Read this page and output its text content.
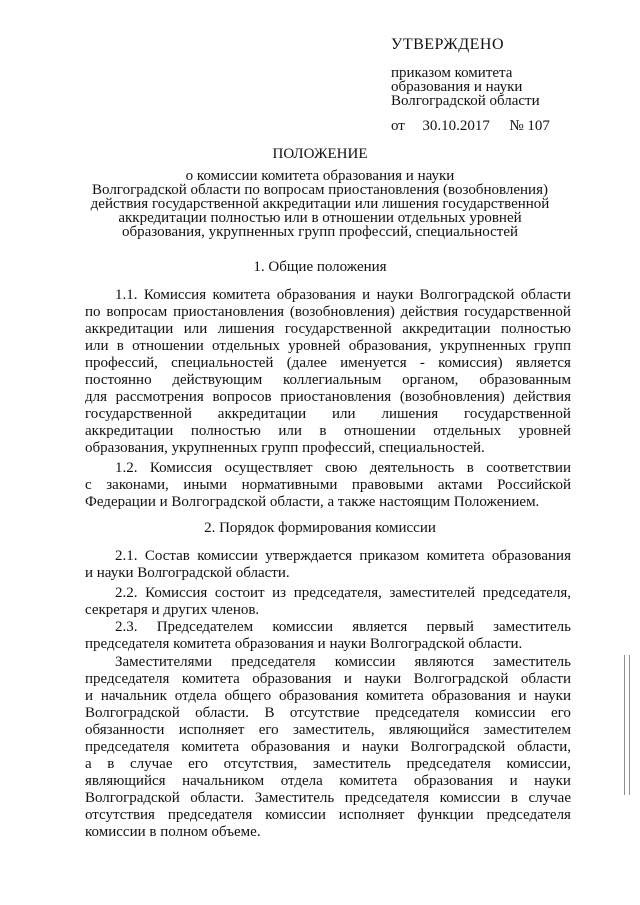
УТВЕРЖДЕНО
приказом комитета
образования и науки
Волгоградской области
от 30.10.2017 № 107
ПОЛОЖЕНИЕ
о комиссии комитета образования и науки
Волгоградской области по вопросам приостановления (возобновления)
действия государственной аккредитации или лишения государственной
аккредитации полностью или в отношении отдельных уровней
образования, укрупненных групп профессий, специальностей
1. Общие положения
1.1. Комиссия комитета образования и науки Волгоградской области
по вопросам приостановления (возобновления) действия государственной
аккредитации или лишения государственной аккредитации полностью
или в отношении отдельных уровней образования, укрупненных групп
профессий, специальностей (далее именуется - комиссия) является
постоянно действующим коллегиальным органом, образованным
для рассмотрения вопросов приостановления (возобновления) действия
государственной аккредитации или лишения государственной
аккредитации полностью или в отношении отдельных уровней
образования, укрупненных групп профессий, специальностей.
1.2. Комиссия осуществляет свою деятельность в соответствии
с законами, иными нормативными правовыми актами Российской
Федерации и Волгоградской области, а также настоящим Положением.
2. Порядок формирования комиссии
2.1. Состав комиссии утверждается приказом комитета образования
и науки Волгоградской области.
2.2. Комиссия состоит из председателя, заместителей председателя,
секретаря и других членов.
2.3. Председателем комиссии является первый заместитель
председателя комитета образования и науки Волгоградской области.
Заместителями председателя комиссии являются заместитель
председателя комитета образования и науки Волгоградской области
и начальник отдела общего образования комитета образования и науки
Волгоградской области. В отсутствие председателя комиссии его
обязанности исполняет его заместитель, являющийся заместителем
председателя комитета образования и науки Волгоградской области,
а в случае его отсутствия, заместитель председателя комиссии,
являющийся начальником отдела комитета образования и науки
Волгоградской области. Заместитель председателя комиссии в случае
отсутствия председателя комиссии исполняет функции председателя
комиссии в полном объеме.
